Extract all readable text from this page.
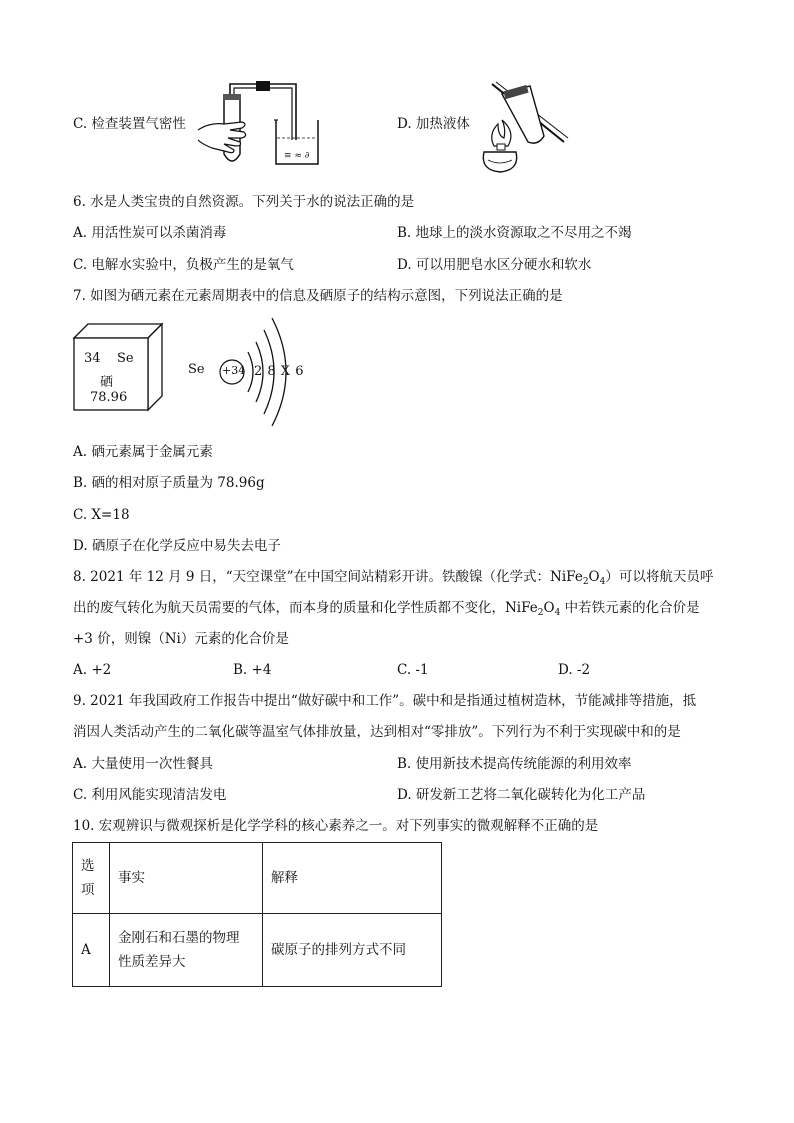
C. 检查装置气密性
≡ ≈ ∂
D. 加热液体
6. 水是人类宝贵的自然资源。下列关于水的说法正确的是
A. 用活性炭可以杀菌消毒	B. 地球上的淡水资源取之不尽用之不竭
C. 电解水实验中，负极产生的是氧气	D. 可以用肥皂水区分硬水和软水
7. 如图为硒元素在元素周期表中的信息及硒原子的结构示意图，下列说法正确的是
34 Se
硒
78.96
Se +34 2 8 X 6
A. 硒元素属于金属元素
B. 硒的相对原子质量为 78.96g
C. X=18
D. 硒原子在化学反应中易失去电子
8. 2021 年 12 月 9 日，“天空课堂”在中国空间站精彩开讲。铁酸镍（化学式：$NiFe_2O_4$）可以将航天员呼
出的废气转化为航天员需要的气体，而本身的质量和化学性质都不变化，$NiFe_2O_4$ 中若铁元素的化合价是
+3 价，则镍（Ni）元素的化合价是
A. +2	B. +4	C. -1	D. -2
9. 2021 年我国政府工作报告中提出“做好碳中和工作”。碳中和是指通过植树造林，节能减排等措施，抵
消因人类活动产生的二氧化碳等温室气体排放量，达到相对“零排放”。下列行为不利于实现碳中和的是
A. 大量使用一次性餐具	B. 使用新技术提高传统能源的利用效率
C. 利用风能实现清洁发电	D. 研发新工艺将二氧化碳转化为化工产品
10. 宏观辨识与微观探析是化学学科的核心素养之一。对下列事实的微观解释不正确的是
选
项	事实	解释
A	金刚石和石墨的物理
性质差异大	碳原子的排列方式不同
